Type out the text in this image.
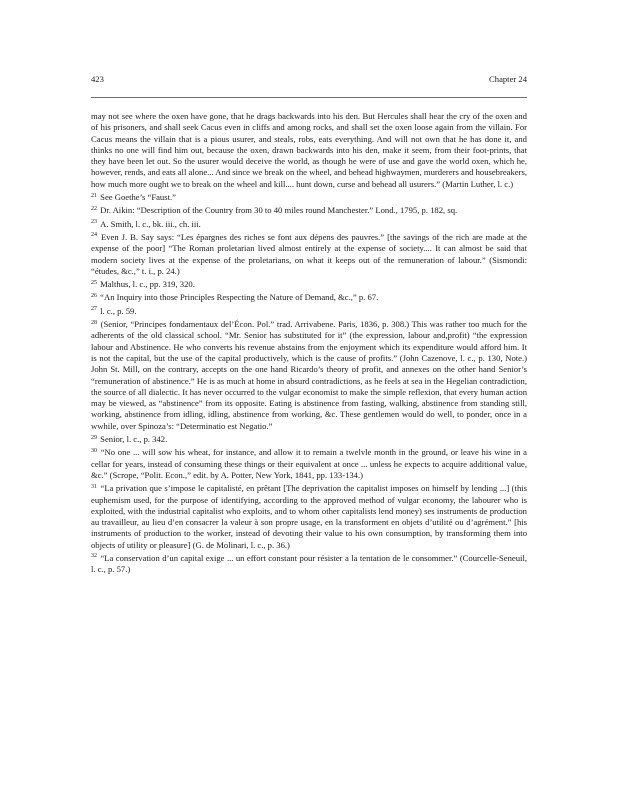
423	Chapter 24

may not see where the oxen have gone, that he drags backwards into his den. But Hercules shall hear the cry of the oxen and of his prisoners, and shall seek Cacus even in cliffs and among rocks, and shall set the oxen loose again from the villain. For Cacus means the villain that is a pious usurer, and steals, robs, eats everything. And will not own that he has done it, and thinks no one will find him out, because the oxen, drawn backwards into his den, make it seem, from their foot-prints, that they have been let out. So the usurer would deceive the world, as though he were of use and gave the world oxen, which he, however, rends, and eats all alone... And since we break on the wheel, and behead highwaymen, murderers and housebreakers, how much more ought we to break on the wheel and kill.... hunt down, curse and behead all usurers.” (Martin Luther, l. c.)

$^{21}$ See Goethe’s “Faust.”

$^{22}$ Dr. Aikin: “Description of the Country from 30 to 40 miles round Manchester.” Lond., 1795, p. 182, sq.

$^{23}$ A. Smith, l. c., bk. iii., ch. iii.

$^{24}$ Even J. B. Say says: “Les épargnes des riches se font aux dépens des pauvres.” [the savings of the rich are made at the expense of the poor] “The Roman proletarian lived almost entirely at the expense of society.... It can almost be said that modern society lives at the expense of the proletarians, on what it keeps out of the remuneration of labour.” (Sismondi: “études, &c.,” t. i., p. 24.)

$^{25}$ Malthus, l. c., pp. 319, 320.

$^{26}$ “An Inquiry into those Principles Respecting the Nature of Demand, &c.,” p. 67.

$^{27}$ l. c., p. 59.

$^{28}$ (Senior, “Principes fondamentaux del’Écon. Pol.” trad. Arrivabene. Paris, 1836, p. 308.) This was rather too much for the adherents of the old classical school. “Mr. Senior has substituted for it” (the expression, labour and,profit) “the expression labour and Abstinence. He who converts his revenue abstains from the enjoyment which its expenditure would afford him. It is not the capital, but the use of the capital productively, which is the cause of profits.” (John Cazenove, l. c., p. 130, Note.) John St. Mill, on the contrary, accepts on the one hand Ricardo’s theory of profit, and annexes on the other hand Senior’s “remuneration of abstinence.” He is as much at home in absurd contradictions, as he feels at sea in the Hegelian contradiction, the source of all dialectic. It has never occurred to the vulgar economist to make the simple reflexion, that every human action may be viewed, as “abstinence” from its opposite. Eating is abstinence from fasting, walking, abstinence from standing still, working, abstinence from idling, idling, abstinence from working, &c. These gentlemen would do well, to ponder, once in a wwhile, over Spinoza’s: “Determinatio est Negatio.”

$^{29}$ Senior, l. c., p. 342.

$^{30}$ “No one ... will sow his wheat, for instance, and allow it to remain a twelvle month in the ground, or leave his wine in a cellar for years, instead of consuming these things or their equivalent at once ... unless he expects to acquire additional value, &c.” (Scrope, “Polit. Econ.,” edit. by A. Potter, New York, 1841, pp. 133-134.)

$^{31}$ “La privation que s’impose le capitalisté, en prêtant [The deprivation the capitalist imposes on himself by lending ...] (this euphemism used, for the purpose of identifying, according to the approved method of vulgar economy, the labourer who is exploited, with the industrial capitalist who exploits, and to whom other capitalists lend money) ses instruments de production au travailleur, au lieu d’en consacrer la valeur à son propre usage, en la transforment en objets d’utilité ou d’agrément.” [his instruments of production to the worker, instead of devoting their value to his own consumption, by transforming them into objects of utility or pleasure] (G. de Molinari, l. c., p. 36.)

$^{32}$ “La conservation d’un capital exige ... un effort constant pour résister a la tentation de le consommer.” (Courcelle-Seneuil, l. c., p. 57.)
